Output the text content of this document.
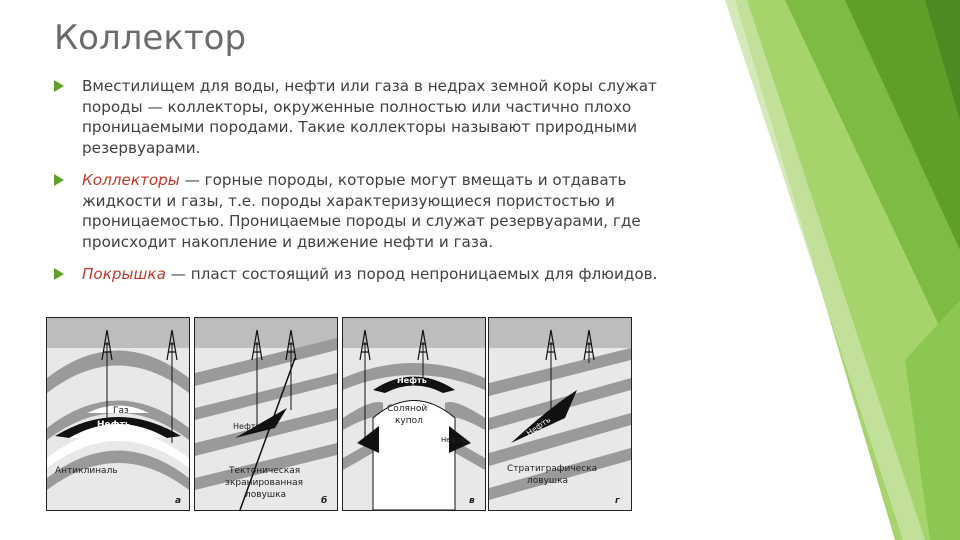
Коллектор
Вместилищем для воды, нефти или газа в недрах земной коры служат породы — коллекторы, окруженные полностью или частично плохо проницаемыми породами. Такие коллекторы называют природными резервуарами.
Коллекторы — горные породы, которые могут вмещать и отдавать жидкости и газы, т.е. породы характеризующиеся пористостью и проницаемостью. Проницаемые породы и служат резервуарами, где происходит накопление и движение нефти и газа.
Покрышка — пласт состоящий из пород непроницаемых для флюидов.
Газ
Нефть
Антиклиналь
а
Нефть
Тектоническая
экранированная
ловушка
б
Нефть
Соляной
купол
Нефть
в
Нефть
Стратиграфическа
ловушка
г
